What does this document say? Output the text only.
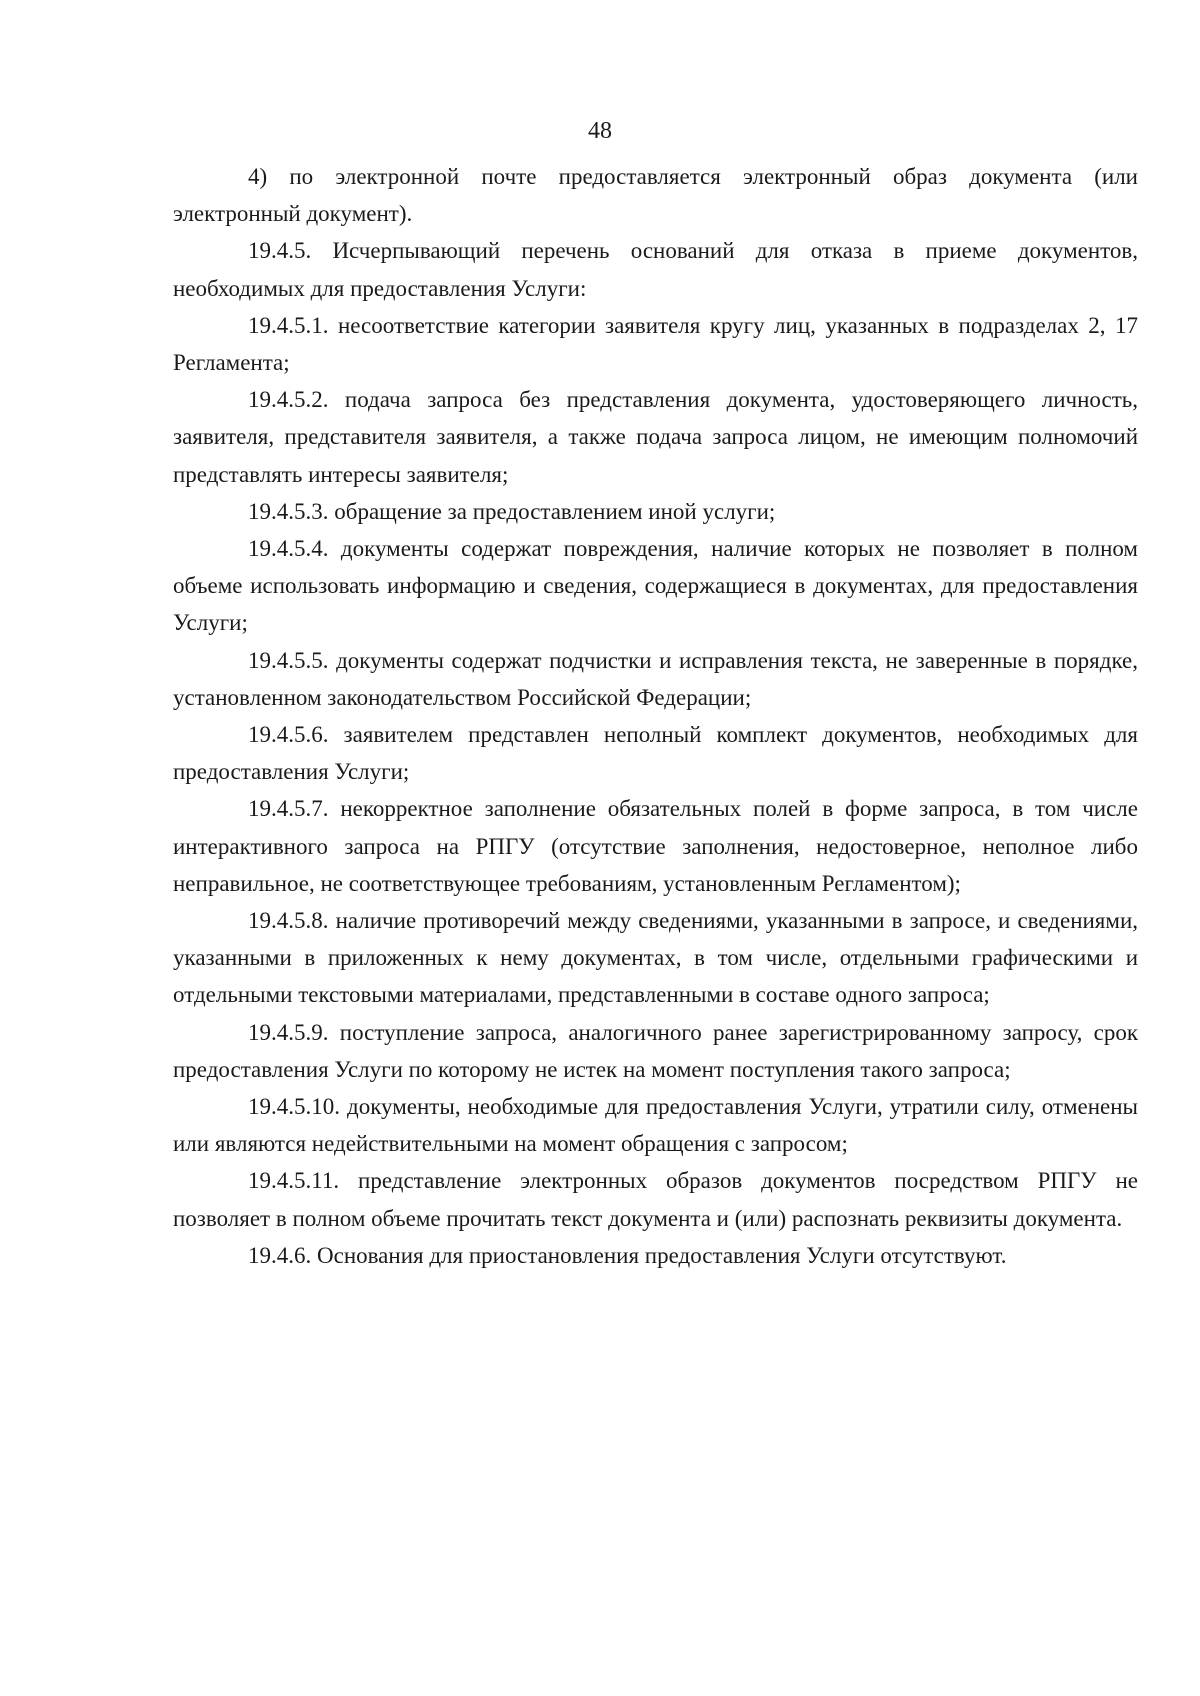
48

4) по электронной почте предоставляется электронный образ документа (или электронный документ).

19.4.5. Исчерпывающий перечень оснований для отказа в приеме документов, необходимых для предоставления Услуги:

19.4.5.1. несоответствие категории заявителя кругу лиц, указанных в подразделах 2, 17 Регламента;

19.4.5.2. подача запроса без представления документа, удостоверяющего личность, заявителя, представителя заявителя, а также подача запроса лицом, не имеющим полномочий представлять интересы заявителя;

19.4.5.3. обращение за предоставлением иной услуги;

19.4.5.4. документы содержат повреждения, наличие которых не позволяет в полном объеме использовать информацию и сведения, содержащиеся в документах, для предоставления Услуги;

19.4.5.5. документы содержат подчистки и исправления текста, не заверенные в порядке, установленном законодательством Российской Федерации;

19.4.5.6. заявителем представлен неполный комплект документов, необходимых для предоставления Услуги;

19.4.5.7. некорректное заполнение обязательных полей в форме запроса, в том числе интерактивного запроса на РПГУ (отсутствие заполнения, недостоверное, неполное либо неправильное, не соответствующее требованиям, установленным Регламентом);

19.4.5.8. наличие противоречий между сведениями, указанными в запросе, и сведениями, указанными в приложенных к нему документах, в том числе, отдельными графическими и отдельными текстовыми материалами, представленными в составе одного запроса;

19.4.5.9. поступление запроса, аналогичного ранее зарегистрированному запросу, срок предоставления Услуги по которому не истек на момент поступления такого запроса;

19.4.5.10. документы, необходимые для предоставления Услуги, утратили силу, отменены или являются недействительными на момент обращения с запросом;

19.4.5.11. представление электронных образов документов посредством РПГУ не позволяет в полном объеме прочитать текст документа и (или) распознать реквизиты документа.

19.4.6. Основания для приостановления предоставления Услуги отсутствуют.
